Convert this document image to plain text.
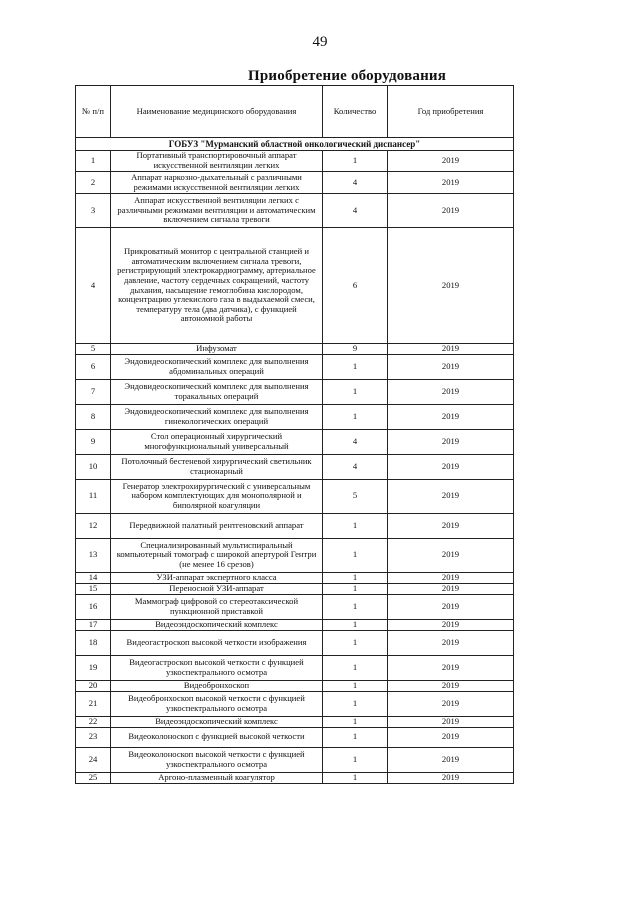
49
Приобретение оборудования
№ п/п	Наименование медицинского оборудования	Количество	Год приобретения
ГОБУЗ "Мурманский областной онкологический диспансер"			
1	Портативный транспортировочный аппарат искусственной вентиляции легких	1	2019
2	Аппарат наркозно-дыхательный с различными режимами искусственной вентиляции легких	4	2019
3	Аппарат искусственной вентиляции легких с различными режимами вентиляции и автоматическим включением сигнала тревоги	4	2019
4	Прикроватный монитор с центральной станцией и автоматическим включением сигнала тревоги, регистрирующий электрокардиограмму, артериальное давление, частоту сердечных сокращений, частоту дыхания, насыщение гемоглобина кислородом, концентрацию углекислого газа в выдыхаемой смеси, температуру тела (два датчика), с функцией автономной работы	6	2019
5	Инфузомат	9	2019
6	Эндовидеоскопический комплекс для выполнения абдоминальных операций	1	2019
7	Эндовидеоскопический комплекс для выполнения торакальных операций	1	2019
8	Эндовидеоскопический комплекс для выполнения гинекологических операций	1	2019
9	Стол операционный хирургический многофункциональный универсальный	4	2019
10	Потолочный бестеневой хирургический светильник стационарный	4	2019
11	Генератор электрохирургический с универсальным набором комплектующих для монополярной и биполярной коагуляции	5	2019
12	Передвижной палатный рентгеновский аппарат	1	2019
13	Специализированный мультиспиральный компьютерный томограф с широкой апертурой Гентри (не менее 16 срезов)	1	2019
14	УЗИ-аппарат экспертного класса	1	2019
15	Переносной УЗИ-аппарат	1	2019
16	Маммограф цифровой со стереотаксической пункционной приставкой	1	2019
17	Видеоэндоскопический комплекс	1	2019
18	Видеогастроскоп высокой четкости изображения	1	2019
19	Видеогастроскоп высокой четкости с функцией узкоспектрального осмотра	1	2019
20	Видеобронхоскоп	1	2019
21	Видеобронхоскоп высокой четкости с функцией узкоспектрального осмотра	1	2019
22	Видеоэндоскопический комплекс	1	2019
23	Видеоколоноскоп с функцией высокой четкости	1	2019
24	Видеоколоноскоп высокой четкости с функцией узкоспектрального осмотра	1	2019
25	Аргоно-плазменный коагулятор	1	2019
